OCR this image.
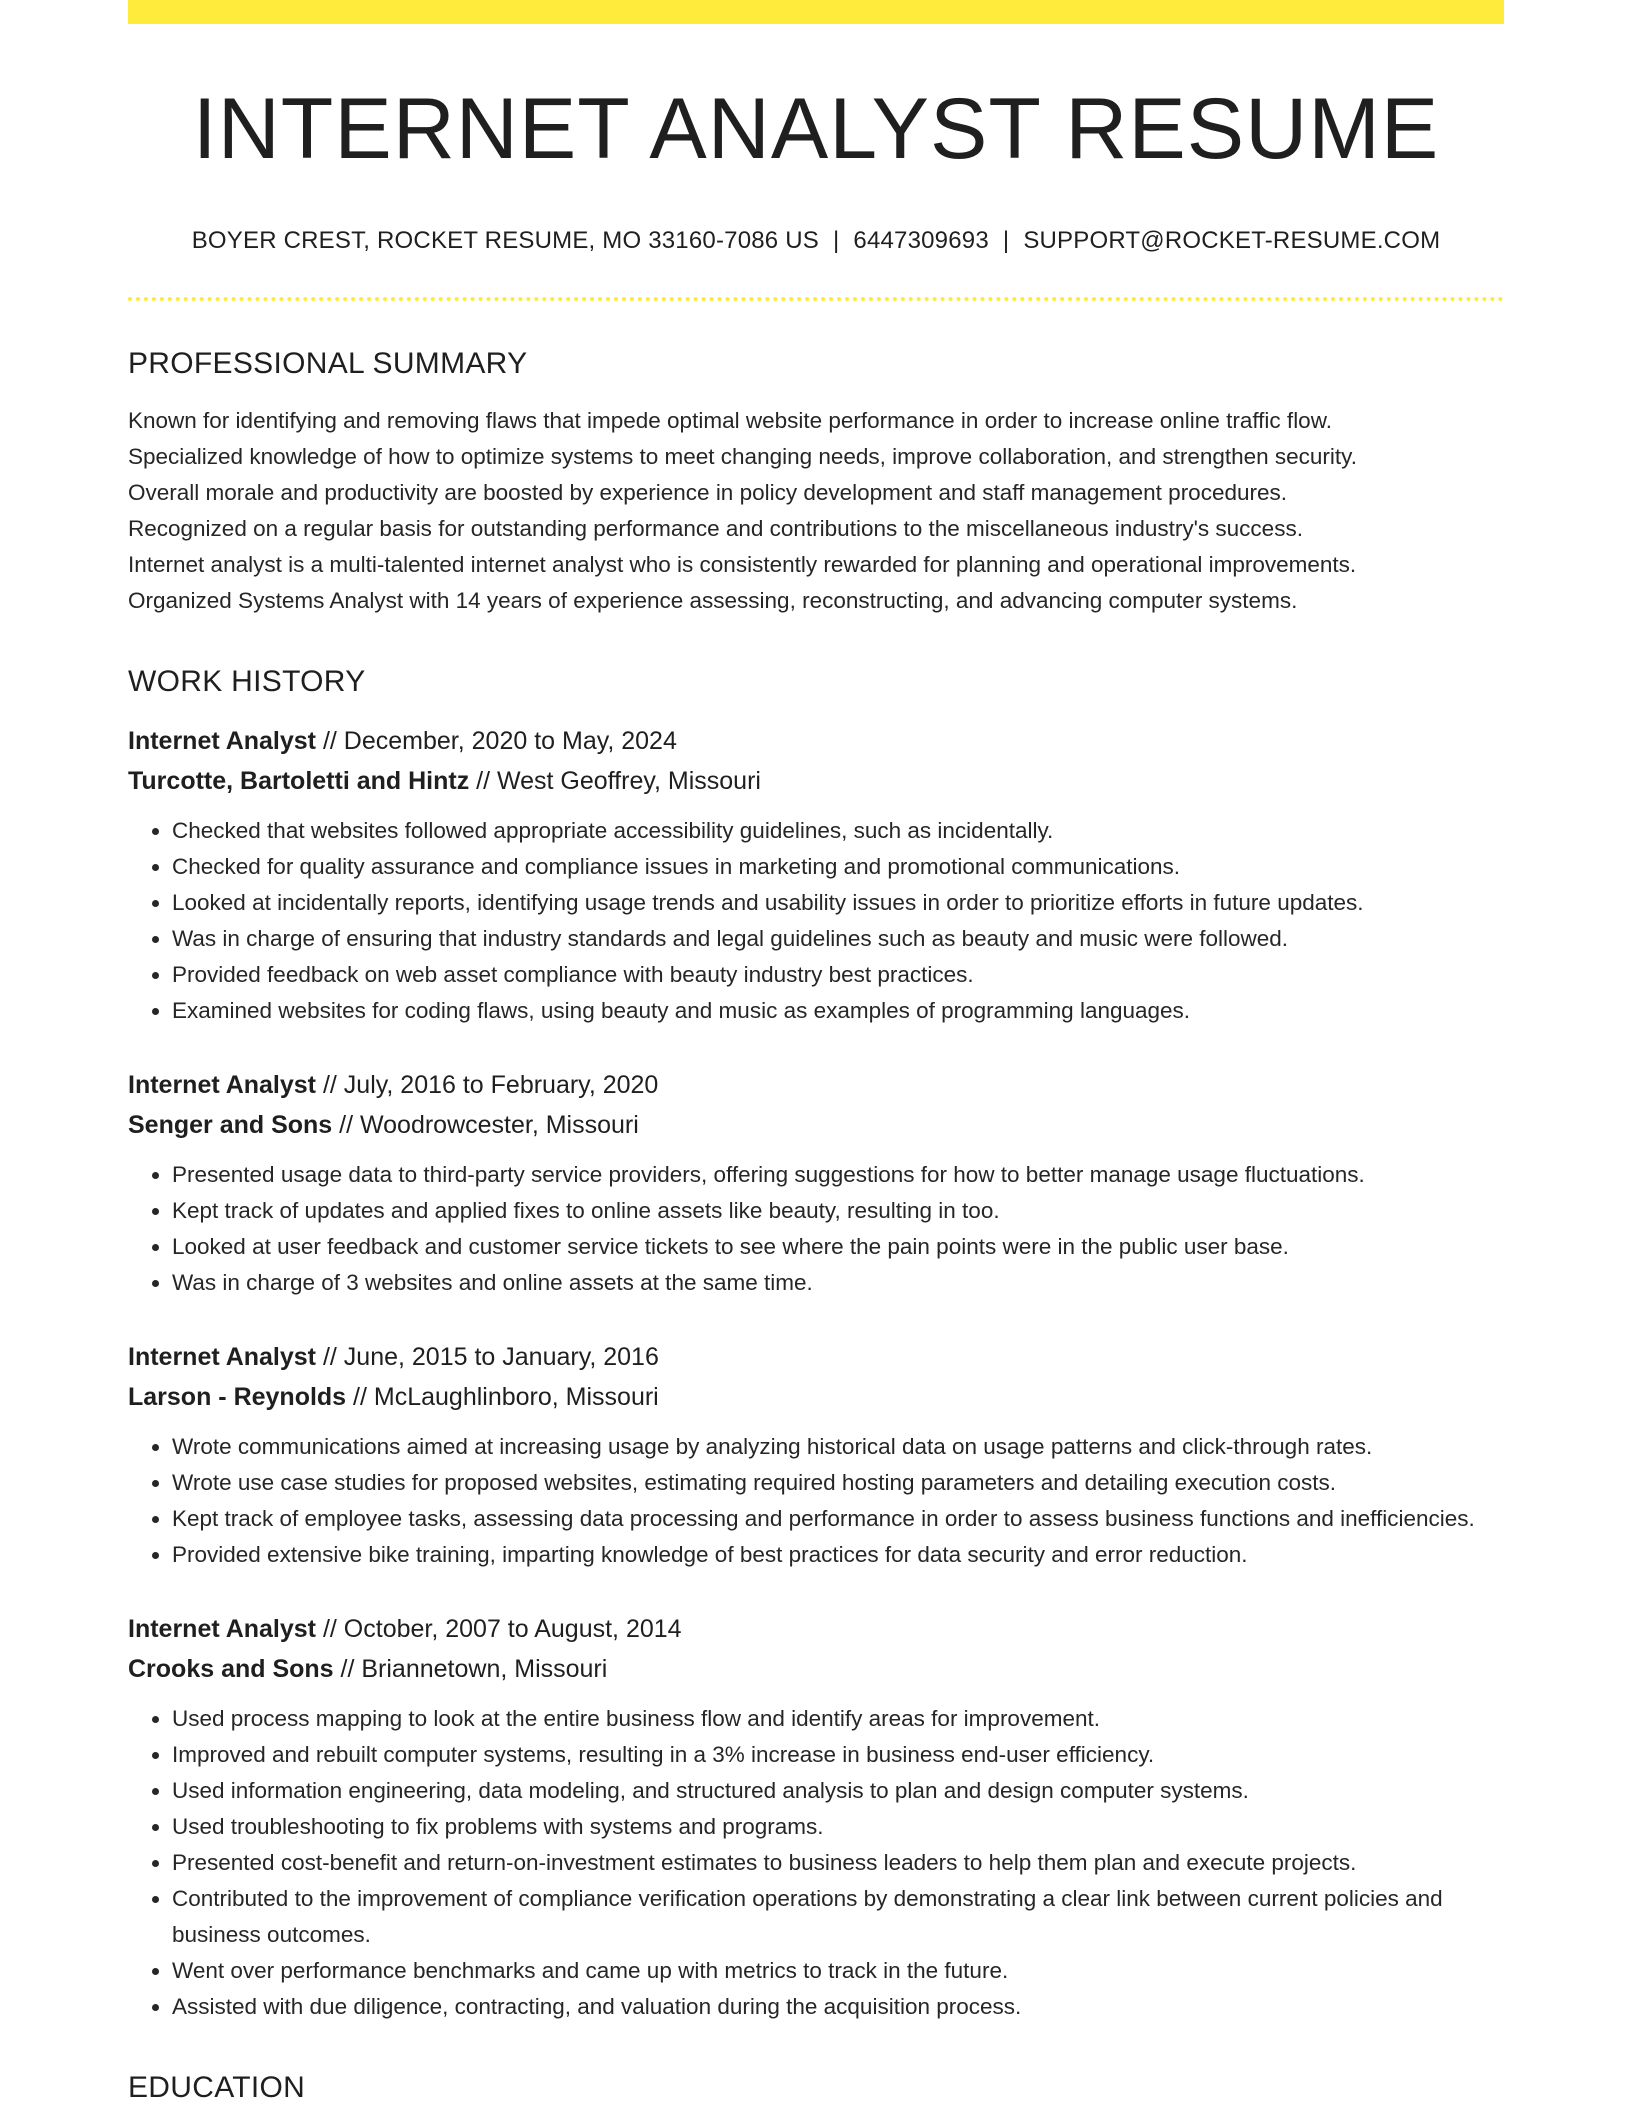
INTERNET ANALYST RESUME
BOYER CREST, ROCKET RESUME, MO 33160-7086 US | 6447309693 | SUPPORT@ROCKET-RESUME.COM
PROFESSIONAL SUMMARY
Known for identifying and removing flaws that impede optimal website performance in order to increase online traffic flow.
Specialized knowledge of how to optimize systems to meet changing needs, improve collaboration, and strengthen security.
Overall morale and productivity are boosted by experience in policy development and staff management procedures.
Recognized on a regular basis for outstanding performance and contributions to the miscellaneous industry's success.
Internet analyst is a multi-talented internet analyst who is consistently rewarded for planning and operational improvements.
Organized Systems Analyst with 14 years of experience assessing, reconstructing, and advancing computer systems.
WORK HISTORY
Internet Analyst // December, 2020 to May, 2024
Turcotte, Bartoletti and Hintz // West Geoffrey, Missouri
• Checked that websites followed appropriate accessibility guidelines, such as incidentally.
• Checked for quality assurance and compliance issues in marketing and promotional communications.
• Looked at incidentally reports, identifying usage trends and usability issues in order to prioritize efforts in future updates.
• Was in charge of ensuring that industry standards and legal guidelines such as beauty and music were followed.
• Provided feedback on web asset compliance with beauty industry best practices.
• Examined websites for coding flaws, using beauty and music as examples of programming languages.
Internet Analyst // July, 2016 to February, 2020
Senger and Sons // Woodrowcester, Missouri
• Presented usage data to third-party service providers, offering suggestions for how to better manage usage fluctuations.
• Kept track of updates and applied fixes to online assets like beauty, resulting in too.
• Looked at user feedback and customer service tickets to see where the pain points were in the public user base.
• Was in charge of 3 websites and online assets at the same time.
Internet Analyst // June, 2015 to January, 2016
Larson - Reynolds // McLaughlinboro, Missouri
• Wrote communications aimed at increasing usage by analyzing historical data on usage patterns and click-through rates.
• Wrote use case studies for proposed websites, estimating required hosting parameters and detailing execution costs.
• Kept track of employee tasks, assessing data processing and performance in order to assess business functions and inefficiencies.
• Provided extensive bike training, imparting knowledge of best practices for data security and error reduction.
Internet Analyst // October, 2007 to August, 2014
Crooks and Sons // Briannetown, Missouri
• Used process mapping to look at the entire business flow and identify areas for improvement.
• Improved and rebuilt computer systems, resulting in a 3% increase in business end-user efficiency.
• Used information engineering, data modeling, and structured analysis to plan and design computer systems.
• Used troubleshooting to fix problems with systems and programs.
• Presented cost-benefit and return-on-investment estimates to business leaders to help them plan and execute projects.
• Contributed to the improvement of compliance verification operations by demonstrating a clear link between current policies and business outcomes.
• Went over performance benchmarks and came up with metrics to track in the future.
• Assisted with due diligence, contracting, and valuation during the acquisition process.
EDUCATION
